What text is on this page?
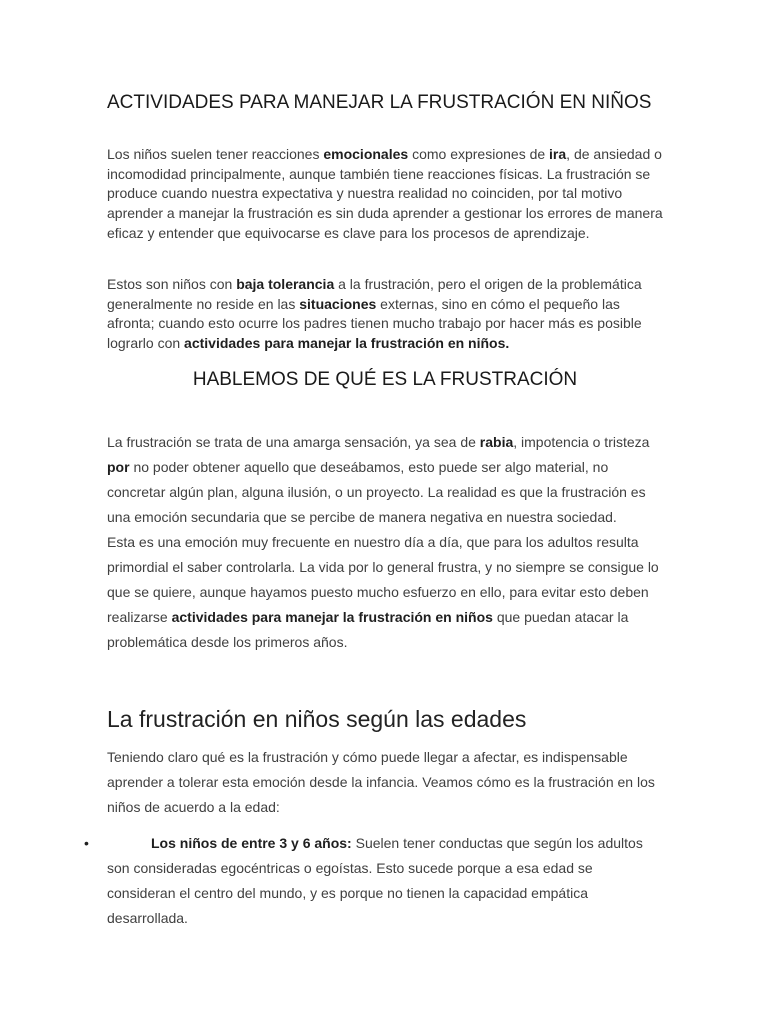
ACTIVIDADES PARA MANEJAR LA FRUSTRACIÓN EN NIÑOS

Los niños suelen tener reacciones emocionales como expresiones de ira, de ansiedad o incomodidad principalmente, aunque también tiene reacciones físicas. La frustración se produce cuando nuestra expectativa y nuestra realidad no coinciden, por tal motivo aprender a manejar la frustración es sin duda aprender a gestionar los errores de manera eficaz y entender que equivocarse es clave para los procesos de aprendizaje.

Estos son niños con baja tolerancia a la frustración, pero el origen de la problemática generalmente no reside en las situaciones externas, sino en cómo el pequeño las afronta; cuando esto ocurre los padres tienen mucho trabajo por hacer más es posible lograrlo con actividades para manejar la frustración en niños.

HABLEMOS DE QUÉ ES LA FRUSTRACIÓN

La frustración se trata de una amarga sensación, ya sea de rabia, impotencia o tristeza por no poder obtener aquello que deseábamos, esto puede ser algo material, no concretar algún plan, alguna ilusión, o un proyecto. La realidad es que la frustración es una emoción secundaria que se percibe de manera negativa en nuestra sociedad.
Esta es una emoción muy frecuente en nuestro día a día, que para los adultos resulta primordial el saber controlarla. La vida por lo general frustra, y no siempre se consigue lo que se quiere, aunque hayamos puesto mucho esfuerzo en ello, para evitar esto deben realizarse actividades para manejar la frustración en niños que puedan atacar la problemática desde los primeros años.

La frustración en niños según las edades

Teniendo claro qué es la frustración y cómo puede llegar a afectar, es indispensable aprender a tolerar esta emoción desde la infancia. Veamos cómo es la frustración en los niños de acuerdo a la edad:

•	Los niños de entre 3 y 6 años: Suelen tener conductas que según los adultos son consideradas egocéntricas o egoístas. Esto sucede porque a esa edad se consideran el centro del mundo, y es porque no tienen la capacidad empática desarrollada.
